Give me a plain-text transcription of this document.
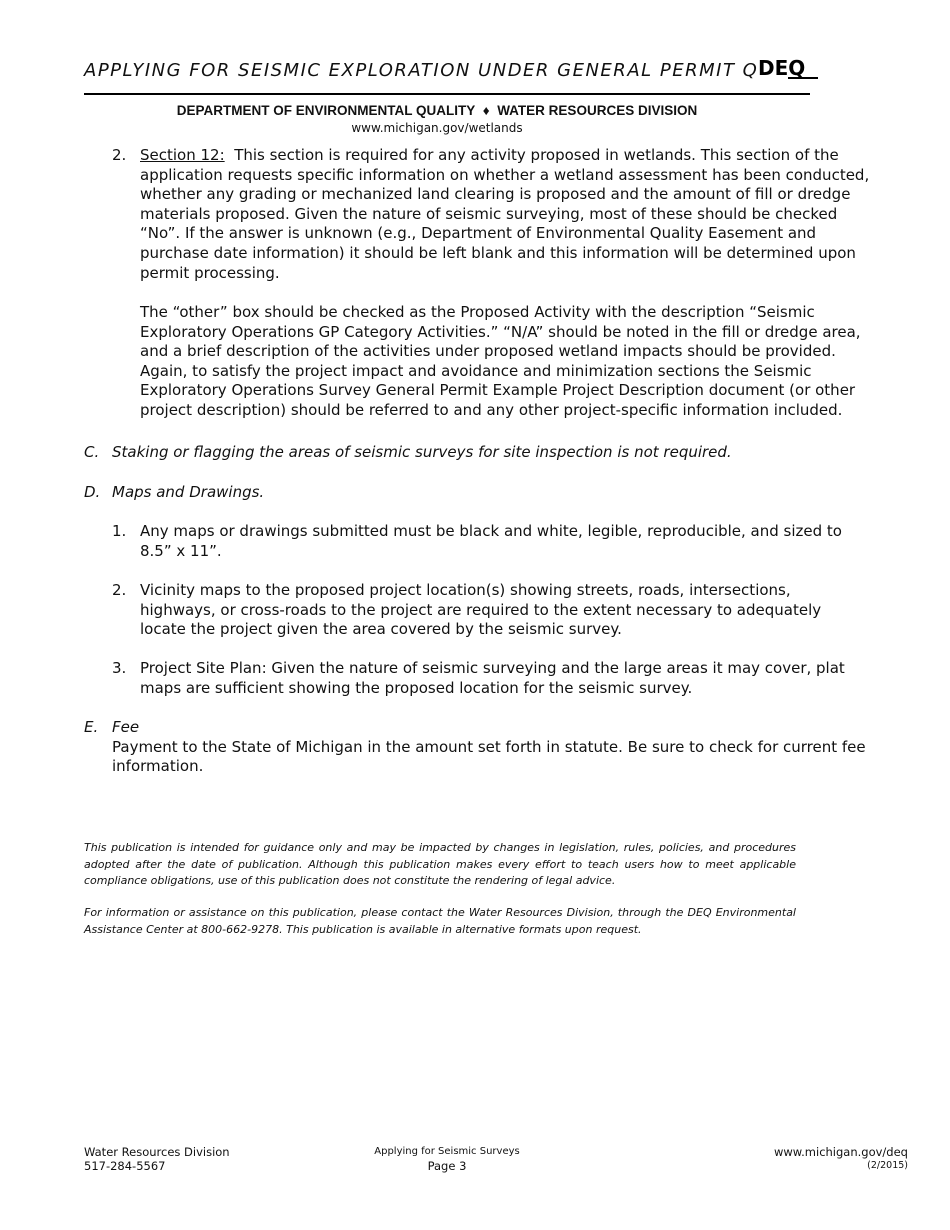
APPLYING FOR SEISMIC EXPLORATION UNDER GENERAL PERMIT Q DEQ
DEPARTMENT OF ENVIRONMENTAL QUALITY ♦ WATER RESOURCES DIVISION
www.michigan.gov/wetlands
2. Section 12: This section is required for any activity proposed in wetlands. This section of the application requests specific information on whether a wetland assessment has been conducted, whether any grading or mechanized land clearing is proposed and the amount of fill or dredge materials proposed. Given the nature of seismic surveying, most of these should be checked “No”. If the answer is unknown (e.g., Department of Environmental Quality Easement and purchase date information) it should be left blank and this information will be determined upon permit processing.
The “other” box should be checked as the Proposed Activity with the description “Seismic Exploratory Operations GP Category Activities.” “N/A” should be noted in the fill or dredge area, and a brief description of the activities under proposed wetland impacts should be provided. Again, to satisfy the project impact and avoidance and minimization sections the Seismic Exploratory Operations Survey General Permit Example Project Description document (or other project description) should be referred to and any other project-specific information included.
C. Staking or flagging the areas of seismic surveys for site inspection is not required.
D. Maps and Drawings.
1. Any maps or drawings submitted must be black and white, legible, reproducible, and sized to 8.5” x 11”.
2. Vicinity maps to the proposed project location(s) showing streets, roads, intersections, highways, or cross-roads to the project are required to the extent necessary to adequately locate the project given the area covered by the seismic survey.
3. Project Site Plan: Given the nature of seismic surveying and the large areas it may cover, plat maps are sufficient showing the proposed location for the seismic survey.
E. Fee
Payment to the State of Michigan in the amount set forth in statute. Be sure to check for current fee information.
This publication is intended for guidance only and may be impacted by changes in legislation, rules, policies, and procedures adopted after the date of publication. Although this publication makes every effort to teach users how to meet applicable compliance obligations, use of this publication does not constitute the rendering of legal advice.
For information or assistance on this publication, please contact the Water Resources Division, through the DEQ Environmental Assistance Center at 800-662-9278. This publication is available in alternative formats upon request.
Water Resources Division
517-284-5567
Applying for Seismic Surveys
Page 3
www.michigan.gov/deq
(2/2015)
